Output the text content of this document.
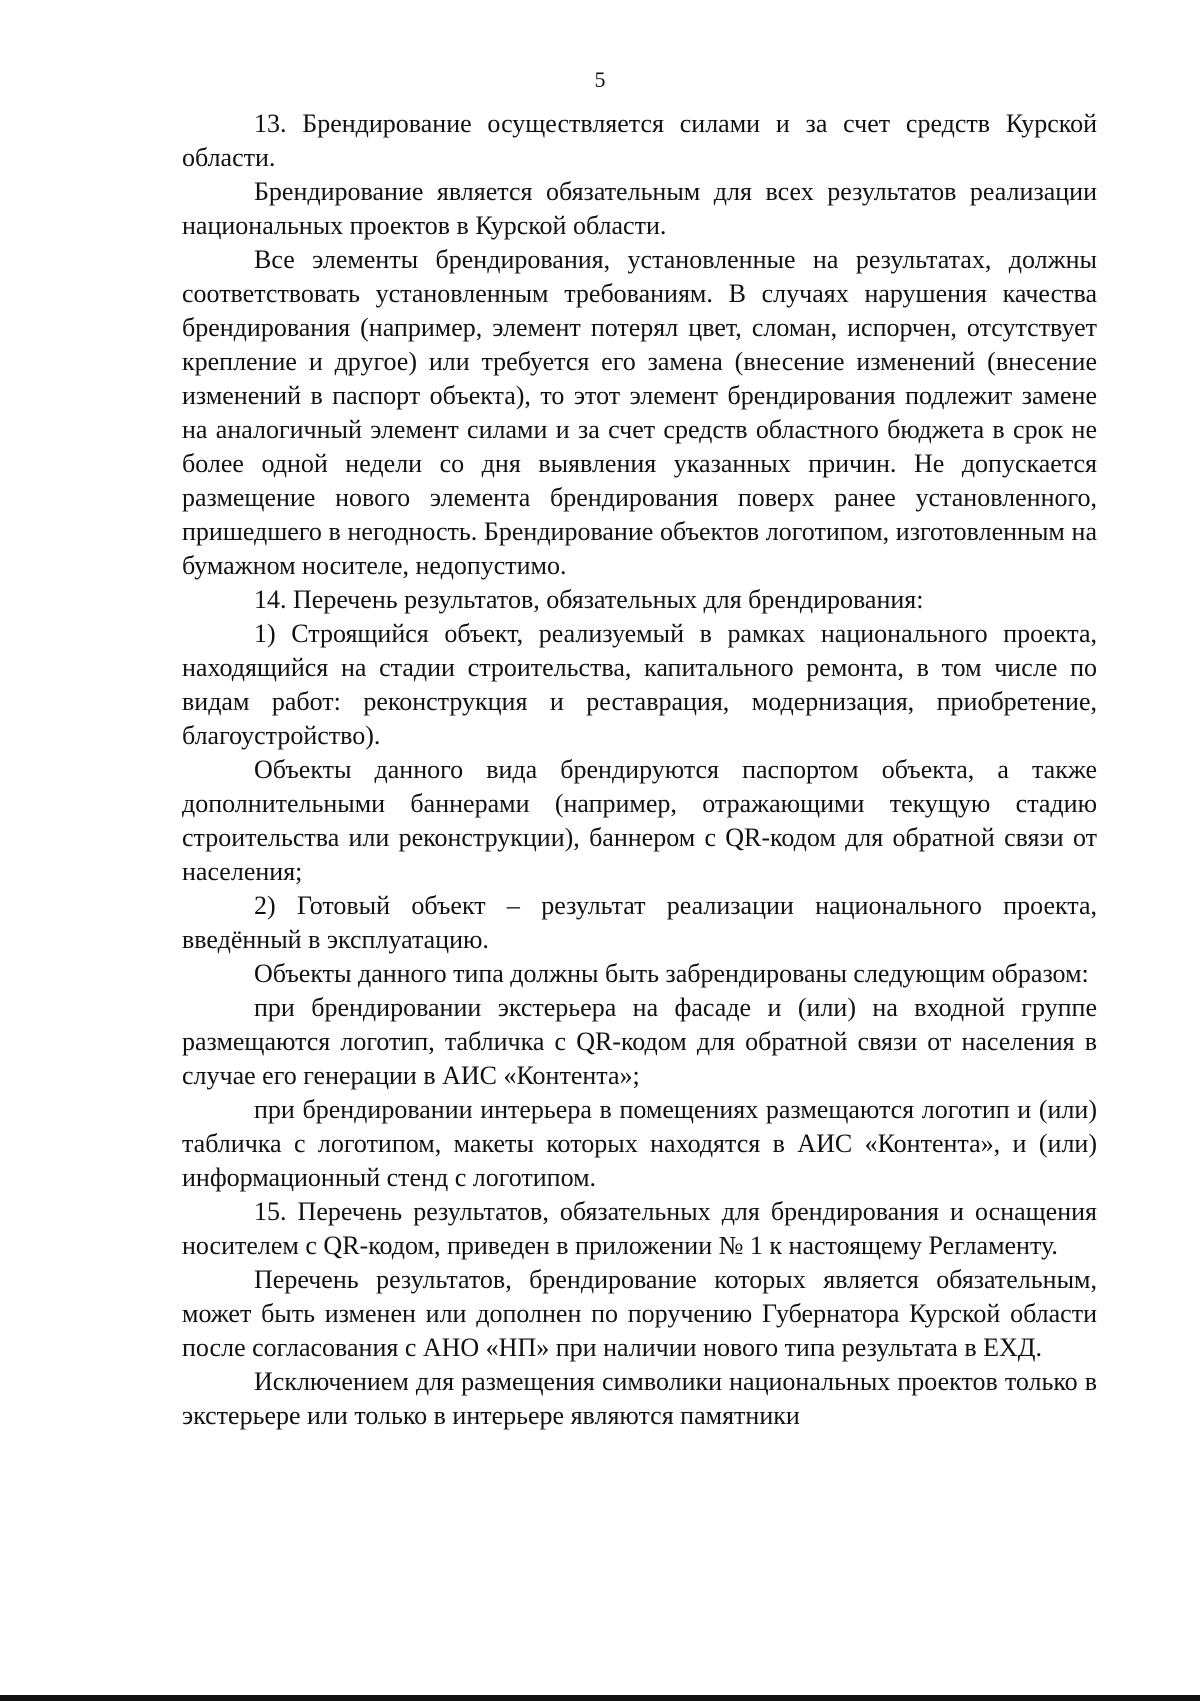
5

13. Брендирование осуществляется силами и за счет средств Курской области.

Брендирование является обязательным для всех результатов реализации национальных проектов в Курской области.

Все элементы брендирования, установленные на результатах, должны соответствовать установленным требованиям. В случаях нарушения качества брендирования (например, элемент потерял цвет, сломан, испорчен, отсутствует крепление и другое) или требуется его замена (внесение изменений (внесение изменений в паспорт объекта), то этот элемент брендирования подлежит замене на аналогичный элемент силами и за счет средств областного бюджета в срок не более одной недели со дня выявления указанных причин. Не допускается размещение нового элемента брендирования поверх ранее установленного, пришедшего в негодность. Брендирование объектов логотипом, изготовленным на бумажном носителе, недопустимо.

14. Перечень результатов, обязательных для брендирования:

1) Строящийся объект, реализуемый в рамках национального проекта, находящийся на стадии строительства, капитального ремонта, в том числе по видам работ: реконструкция и реставрация, модернизация, приобретение, благоустройство).

Объекты данного вида брендируются паспортом объекта, а также дополнительными баннерами (например, отражающими текущую стадию строительства или реконструкции), баннером с QR-кодом для обратной связи от населения;

2) Готовый объект – результат реализации национального проекта, введённый в эксплуатацию.

Объекты данного типа должны быть забрендированы следующим образом:

при брендировании экстерьера на фасаде и (или) на входной группе размещаются логотип, табличка с QR-кодом для обратной связи от населения в случае его генерации в АИС «Контента»;

при брендировании интерьера в помещениях размещаются логотип и (или) табличка с логотипом, макеты которых находятся в АИС «Контента», и (или) информационный стенд с логотипом.

15. Перечень результатов, обязательных для брендирования и оснащения носителем с QR-кодом, приведен в приложении № 1 к настоящему Регламенту.

Перечень результатов, брендирование которых является обязательным, может быть изменен или дополнен по поручению Губернатора Курской области после согласования с АНО «НП» при наличии нового типа результата в ЕХД.

Исключением для размещения символики национальных проектов только в экстерьере или только в интерьере являются памятники
